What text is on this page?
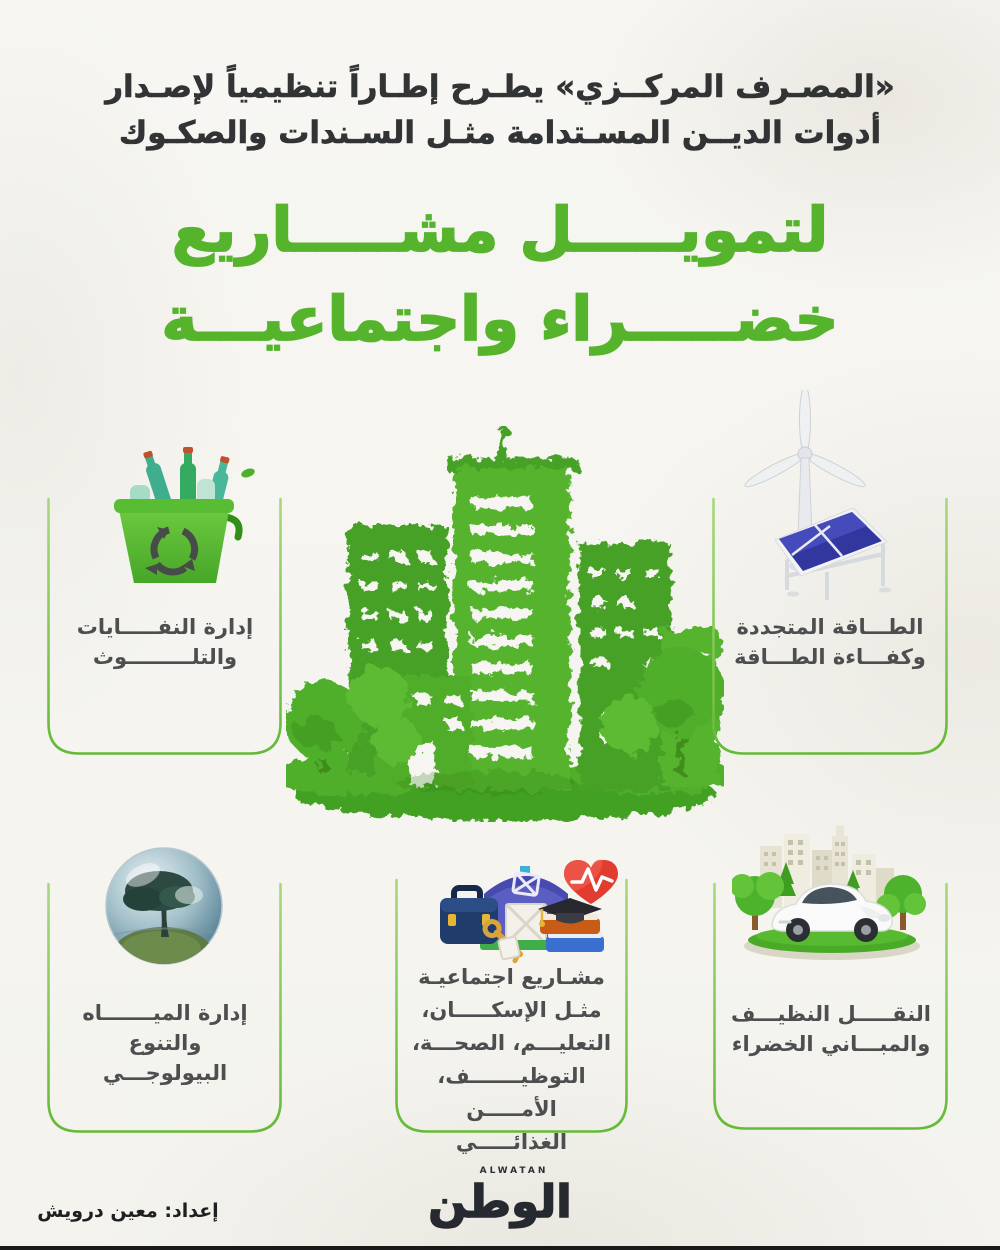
«المصـرف المركــزي» يطـرح إطـاراً تنظيمياً لإصـدار
أدوات الديــن المسـتدامة مثـل السـندات والصكـوك
لتمويـــــل مشـــــاريع
خضـــــراء واجتماعيـــة
إدارة النفـــــايات
والتلـــــــــوث
الطـــاقة المتجددة
وكفـــاءة الطـــاقة
إدارة الميـــــــاه
والتنوع البيولوجـــي
مشـاريع اجتماعيـة
مثـل الإسكـــــان،
التعليـــم، الصحـــة،
التوظيـــــــف،
الأمـــــن الغذائـــــي
النقـــــل النظيـــف
والمبـــاني الخضراء
إعداد: معين درويش
ALWATAN
الوطن
